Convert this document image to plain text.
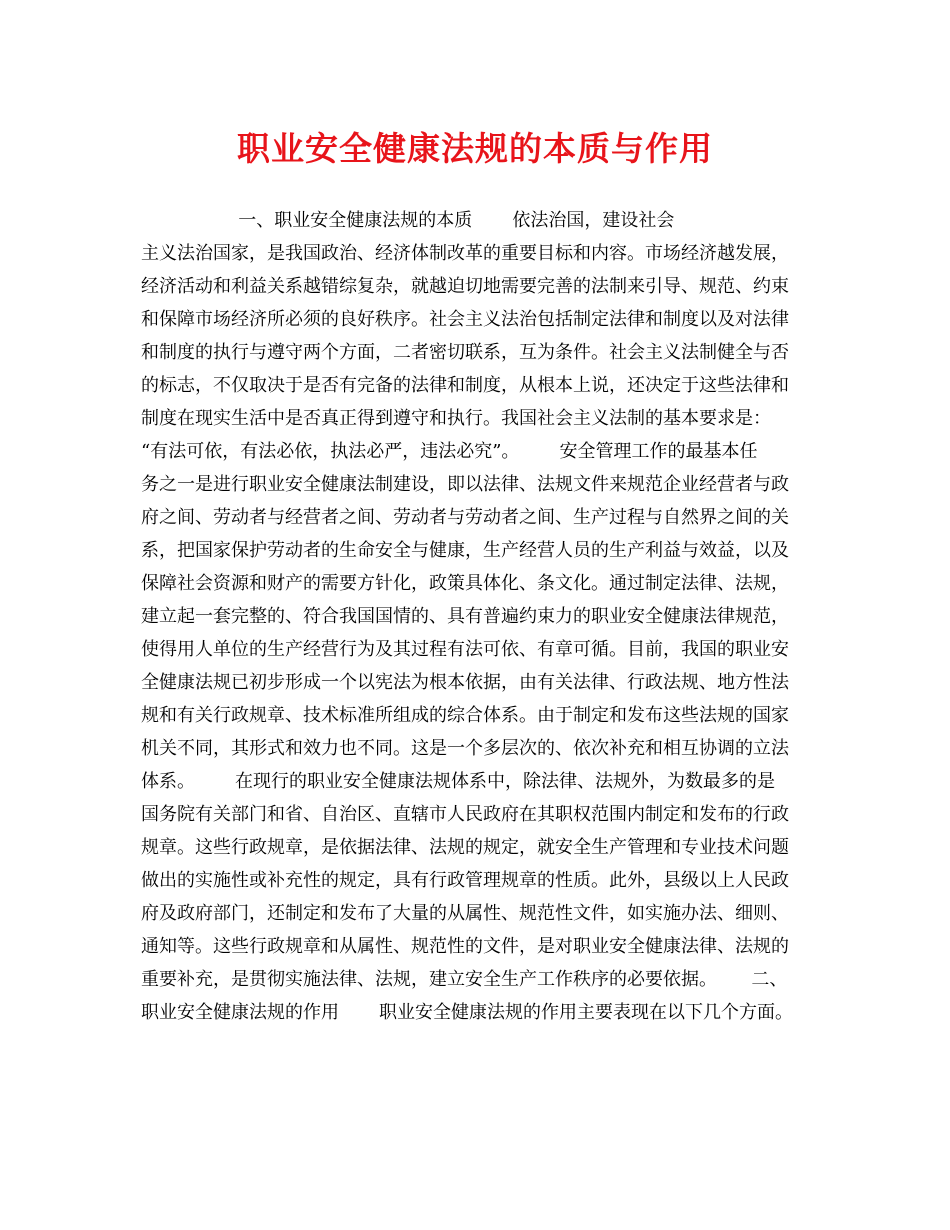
职业安全健康法规的本质与作用
一、职业安全健康法规的本质       依法治国，建设社会
主义法治国家，是我国政治、经济体制改革的重要目标和内容。市场经济越发展，
经济活动和利益关系越错综复杂，就越迫切地需要完善的法制来引导、规范、约束
和保障市场经济所必须的良好秩序。社会主义法治包括制定法律和制度以及对法律
和制度的执行与遵守两个方面，二者密切联系，互为条件。社会主义法制健全与否
的标志，不仅取决于是否有完备的法律和制度，从根本上说，还决定于这些法律和
制度在现实生活中是否真正得到遵守和执行。我国社会主义法制的基本要求是：
“有法可依，有法必依，执法必严，违法必究”。       安全管理工作的最基本任
务之一是进行职业安全健康法制建设，即以法律、法规文件来规范企业经营者与政
府之间、劳动者与经营者之间、劳动者与劳动者之间、生产过程与自然界之间的关
系，把国家保护劳动者的生命安全与健康，生产经营人员的生产利益与效益，以及
保障社会资源和财产的需要方针化，政策具体化、条文化。通过制定法律、法规，
建立起一套完整的、符合我国国情的、具有普遍约束力的职业安全健康法律规范，
使得用人单位的生产经营行为及其过程有法可依、有章可循。目前，我国的职业安
全健康法规已初步形成一个以宪法为根本依据，由有关法律、行政法规、地方性法
规和有关行政规章、技术标准所组成的综合体系。由于制定和发布这些法规的国家
机关不同，其形式和效力也不同。这是一个多层次的、依次补充和相互协调的立法
体系。       在现行的职业安全健康法规体系中，除法律、法规外，为数最多的是
国务院有关部门和省、自治区、直辖市人民政府在其职权范围内制定和发布的行政
规章。这些行政规章，是依据法律、法规的规定，就安全生产管理和专业技术问题
做出的实施性或补充性的规定，具有行政管理规章的性质。此外，县级以上人民政
府及政府部门，还制定和发布了大量的从属性、规范性文件，如实施办法、细则、
通知等。这些行政规章和从属性、规范性的文件，是对职业安全健康法律、法规的
重要补充，是贯彻实施法律、法规，建立安全生产工作秩序的必要依据。      二、
职业安全健康法规的作用       职业安全健康法规的作用主要表现在以下几个方面。
